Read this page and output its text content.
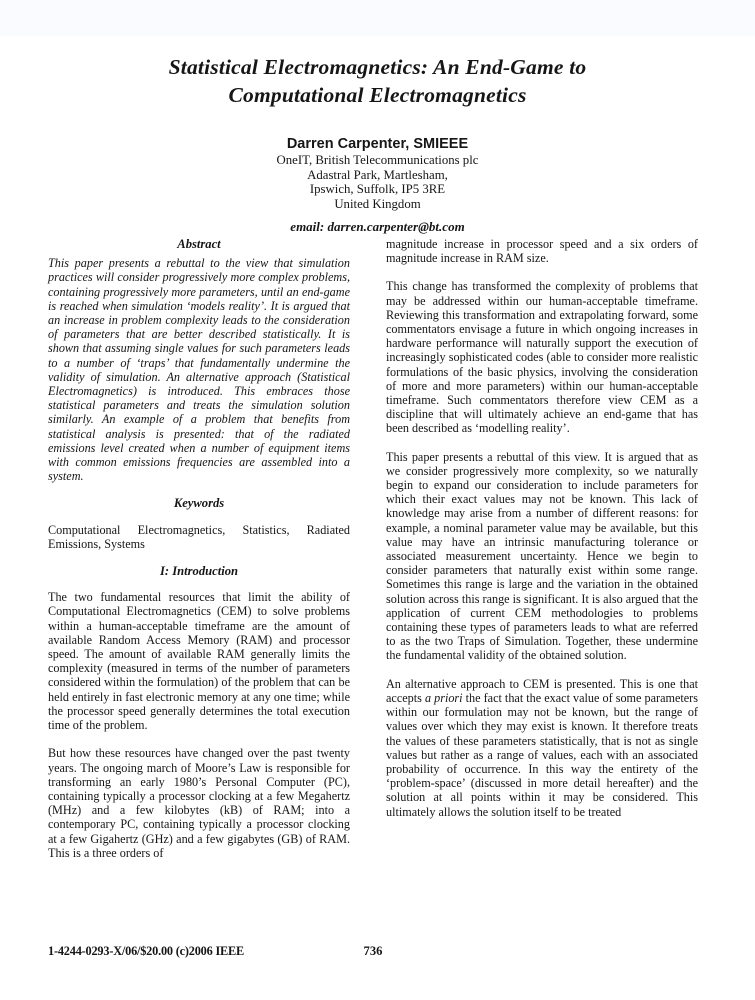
Statistical Electromagnetics: An End-Game to
Computational Electromagnetics
Darren Carpenter, SMIEEE
OneIT, British Telecommunications plc
Adastral Park, Martlesham,
Ipswich, Suffolk, IP5 3RE
United Kingdom
email: darren.carpenter@bt.com
Abstract

This paper presents a rebuttal to the view that simulation practices will consider progressively more complex problems, containing progressively more parameters, until an end-game is reached when simulation ‘models reality’. It is argued that an increase in problem complexity leads to the consideration of parameters that are better described statistically. It is shown that assuming single values for such parameters leads to a number of ‘traps’ that fundamentally undermine the validity of simulation. An alternative approach (Statistical Electromagnetics) is introduced. This embraces those statistical parameters and treats the simulation solution similarly. An example of a problem that benefits from statistical analysis is presented: that of the radiated emissions level created when a number of equipment items with common emissions frequencies are assembled into a system.

Keywords

Computational Electromagnetics, Statistics, Radiated Emissions, Systems

I: Introduction

The two fundamental resources that limit the ability of Computational Electromagnetics (CEM) to solve problems within a human-acceptable timeframe are the amount of available Random Access Memory (RAM) and processor speed. The amount of available RAM generally limits the complexity (measured in terms of the number of parameters considered within the formulation) of the problem that can be held entirely in fast electronic memory at any one time; while the processor speed generally determines the total execution time of the problem.

But how these resources have changed over the past twenty years. The ongoing march of Moore’s Law is responsible for transforming an early 1980’s Personal Computer (PC), containing typically a processor clocking at a few Megahertz (MHz) and a few kilobytes (kB) of RAM; into a contemporary PC, containing typically a processor clocking at a few Gigahertz (GHz) and a few gigabytes (GB) of RAM. This is a three orders of

magnitude increase in processor speed and a six orders of magnitude increase in RAM size.

This change has transformed the complexity of problems that may be addressed within our human-acceptable timeframe. Reviewing this transformation and extrapolating forward, some commentators envisage a future in which ongoing increases in hardware performance will naturally support the execution of increasingly sophisticated codes (able to consider more realistic formulations of the basic physics, involving the consideration of more and more parameters) within our human-acceptable timeframe. Such commentators therefore view CEM as a discipline that will ultimately achieve an end-game that has been described as ‘modelling reality’.

This paper presents a rebuttal of this view. It is argued that as we consider progressively more complexity, so we naturally begin to expand our consideration to include parameters for which their exact values may not be known. This lack of knowledge may arise from a number of different reasons: for example, a nominal parameter value may be available, but this value may have an intrinsic manufacturing tolerance or associated measurement uncertainty. Hence we begin to consider parameters that naturally exist within some range. Sometimes this range is large and the variation in the obtained solution across this range is significant. It is also argued that the application of current CEM methodologies to problems containing these types of parameters leads to what are referred to as the two Traps of Simulation. Together, these undermine the fundamental validity of the obtained solution.

An alternative approach to CEM is presented. This is one that accepts a priori the fact that the exact value of some parameters within our formulation may not be known, but the range of values over which they may exist is known. It therefore treats the values of these parameters statistically, that is not as single values but rather as a range of values, each with an associated probability of occurrence. In this way the entirety of the ‘problem-space’ (discussed in more detail hereafter) and the solution at all points within it may be considered. This ultimately allows the solution itself to be treated

736
1-4244-0293-X/06/$20.00 (c)2006 IEEE
